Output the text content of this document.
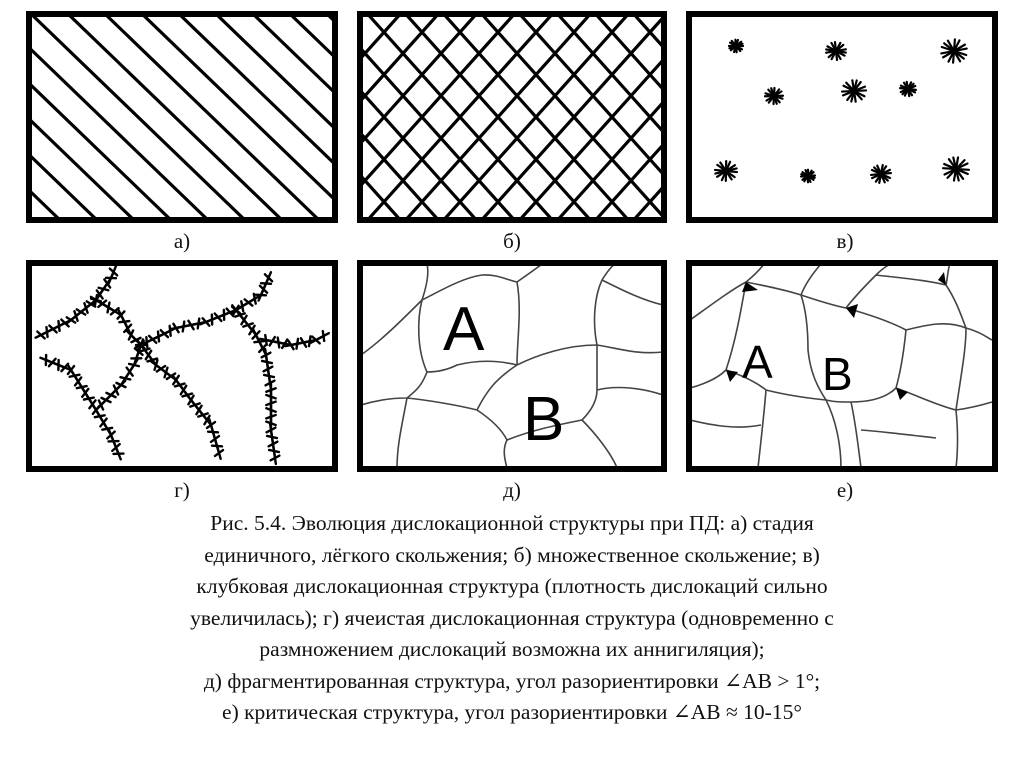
а)	б)	в)
г)
A
B
д)
A B
е)
Рис. 5.4. Эволюция дислокационной структуры при ПД: а) стадия
единичного, лёгкого скольжения; б) множественное скольжение; в)
клубковая дислокационная структура (плотность дислокаций сильно
увеличилась); г) ячеистая дислокационная структура (одновременно с
размножением дислокаций возможна их аннигиляция);
д) фрагментированная структура, угол разориентировки ∠AB > 1°;
е) критическая структура, угол разориентировки ∠AB ≈ 10-15°
